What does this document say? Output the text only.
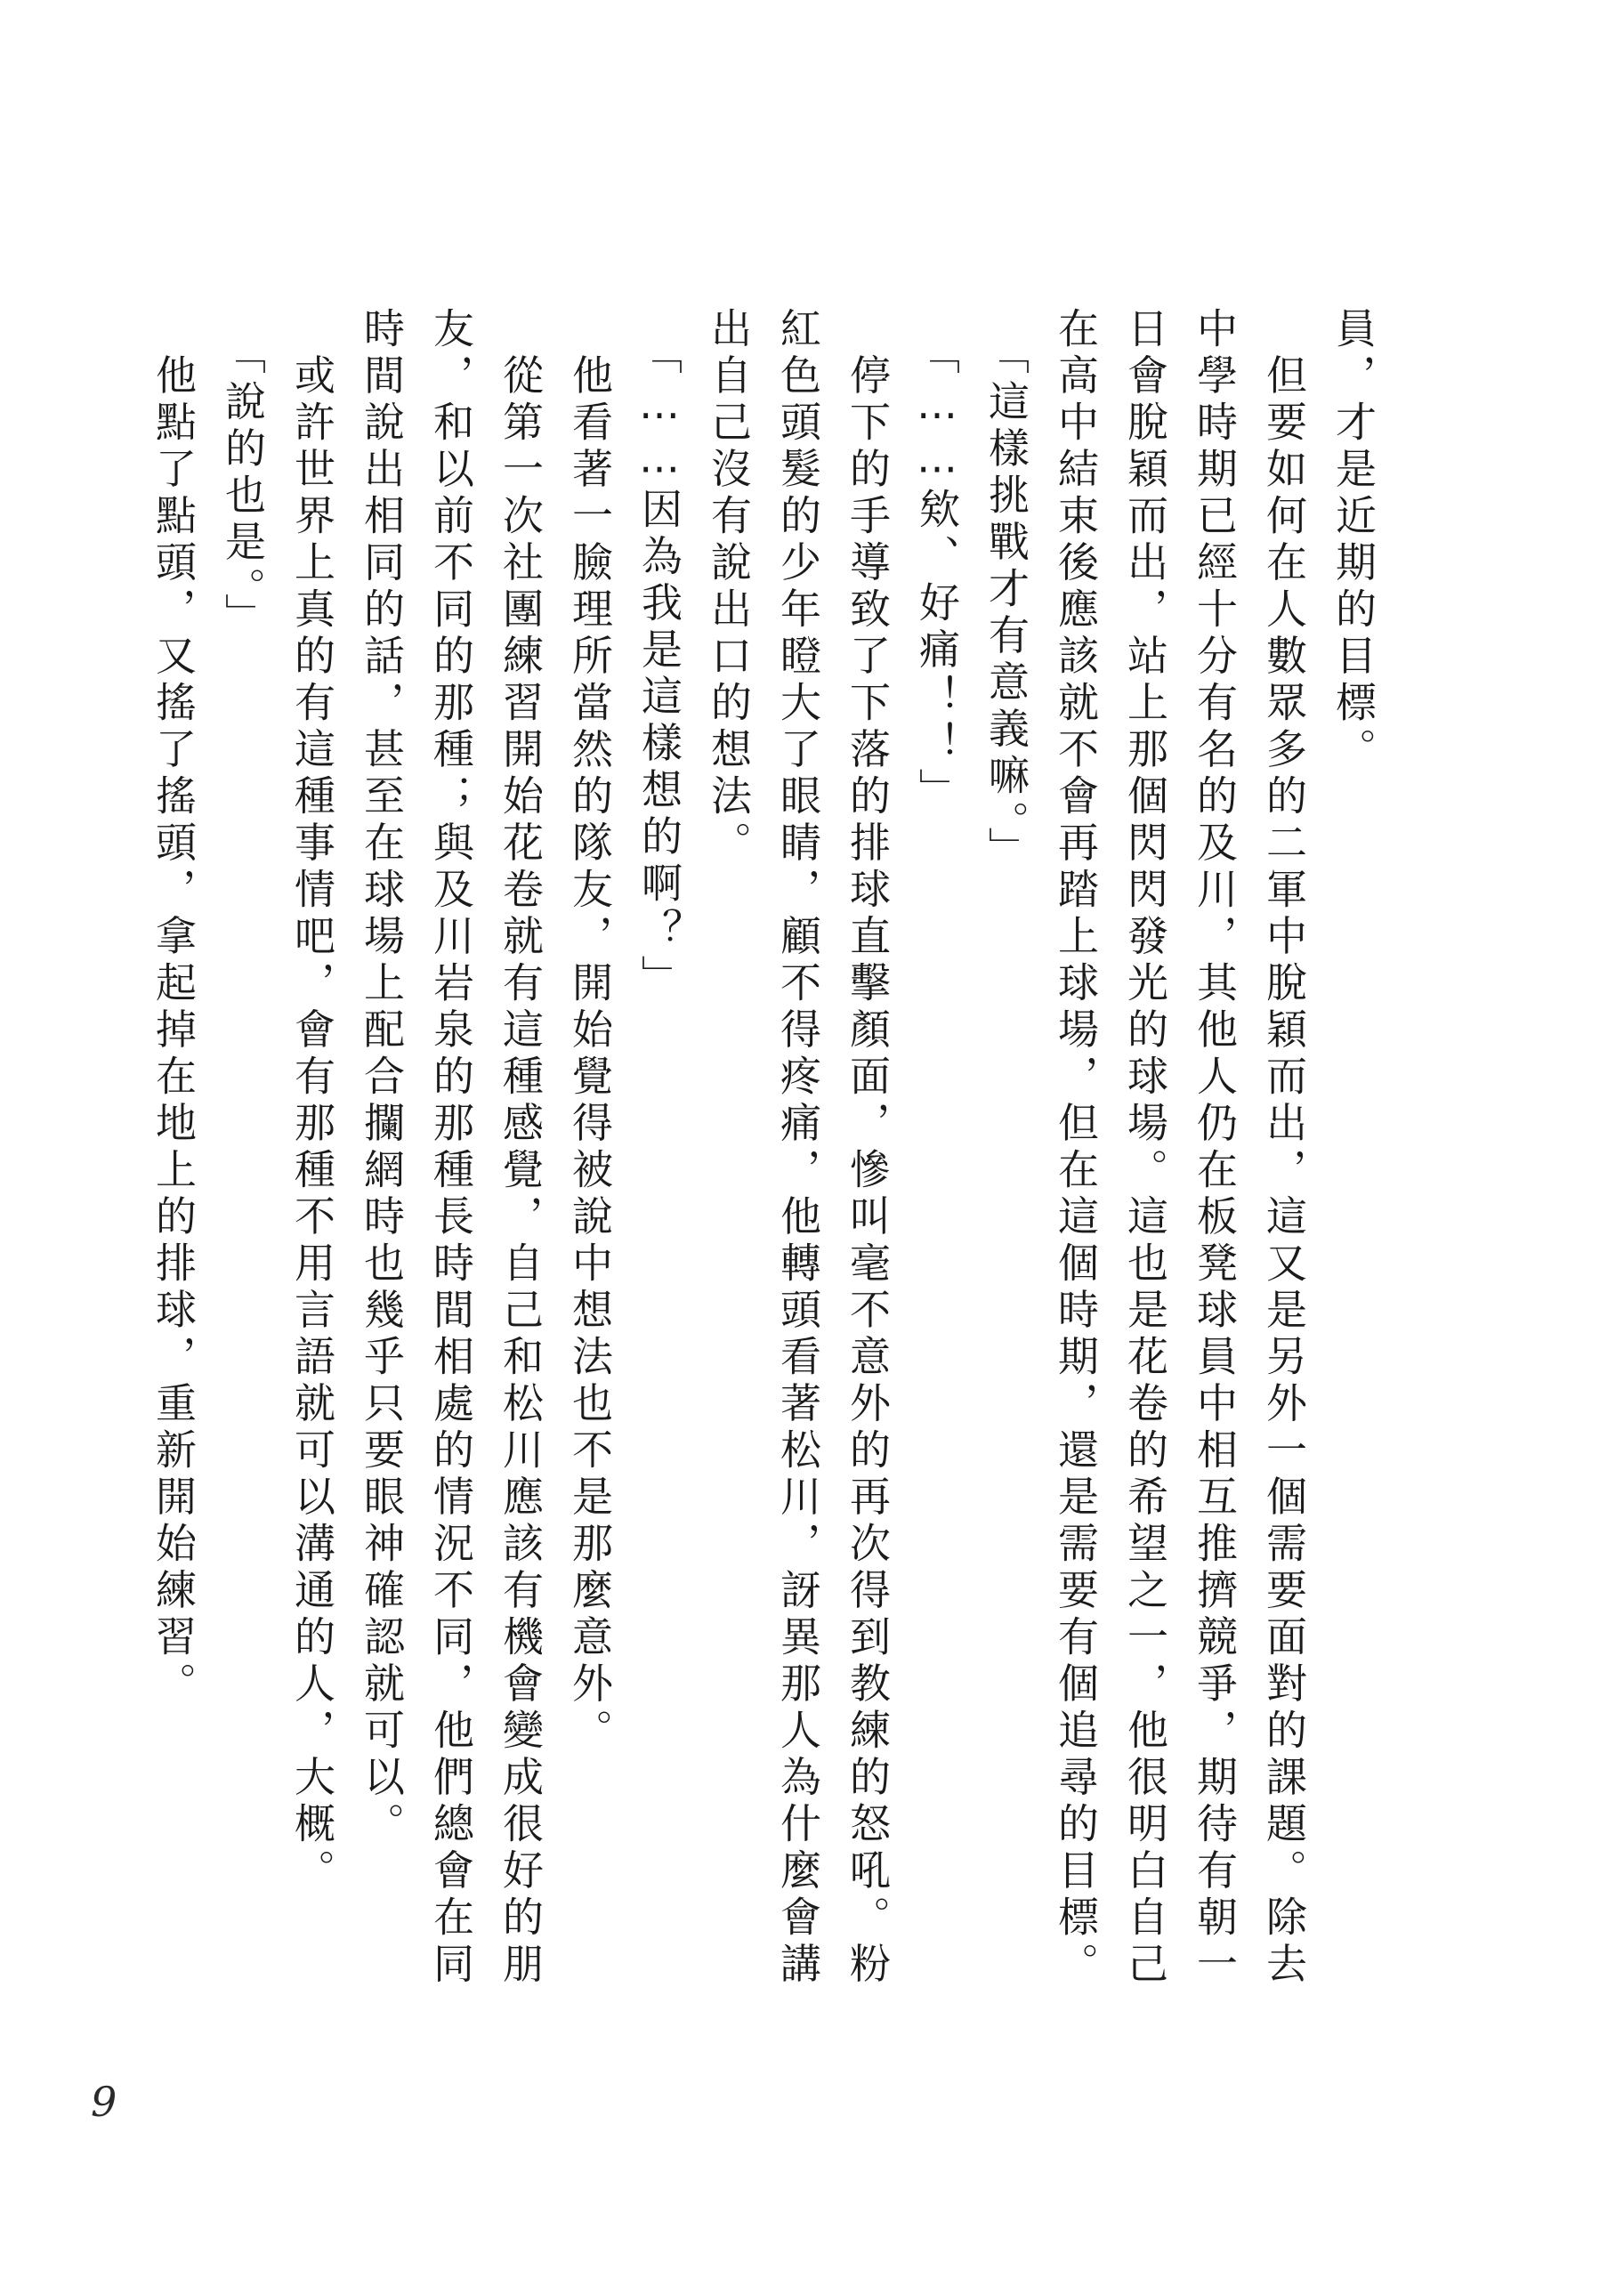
員，才是近期的目標。

　但要如何在人數眾多的二軍中脫穎而出，這又是另外一個需要面對的課題。除去中學時期已經十分有名的及川，其他人仍在板凳球員中相互推擠競爭，期待有朝一日會脫穎而出，站上那個閃閃發光的球場。這也是花卷的希望之一，他很明白自己在高中結束後應該就不會再踏上球場，但在這個時期，還是需要有個追尋的目標。

　「這樣挑戰才有意義嘛。」

　「……欸、好痛！！」

　停下的手導致了下落的排球直擊顏面，慘叫毫不意外的再次得到教練的怒吼。粉紅色頭髮的少年瞪大了眼睛，顧不得疼痛，他轉頭看著松川，訝異那人為什麼會講出自己沒有說出口的想法。

　「……因為我是這樣想的啊？」

　他看著一臉理所當然的隊友，開始覺得被說中想法也不是那麼意外。

　從第一次社團練習開始花卷就有這種感覺，自己和松川應該有機會變成很好的朋友，和以前不同的那種；與及川岩泉的那種長時間相處的情況不同，他們總會在同時間說出相同的話，甚至在球場上配合攔網時也幾乎只要眼神確認就可以。

　或許世界上真的有這種事情吧，會有那種不用言語就可以溝通的人，大概。

　「說的也是。」

　他點了點頭，又搖了搖頭，拿起掉在地上的排球，重新開始練習。

9
